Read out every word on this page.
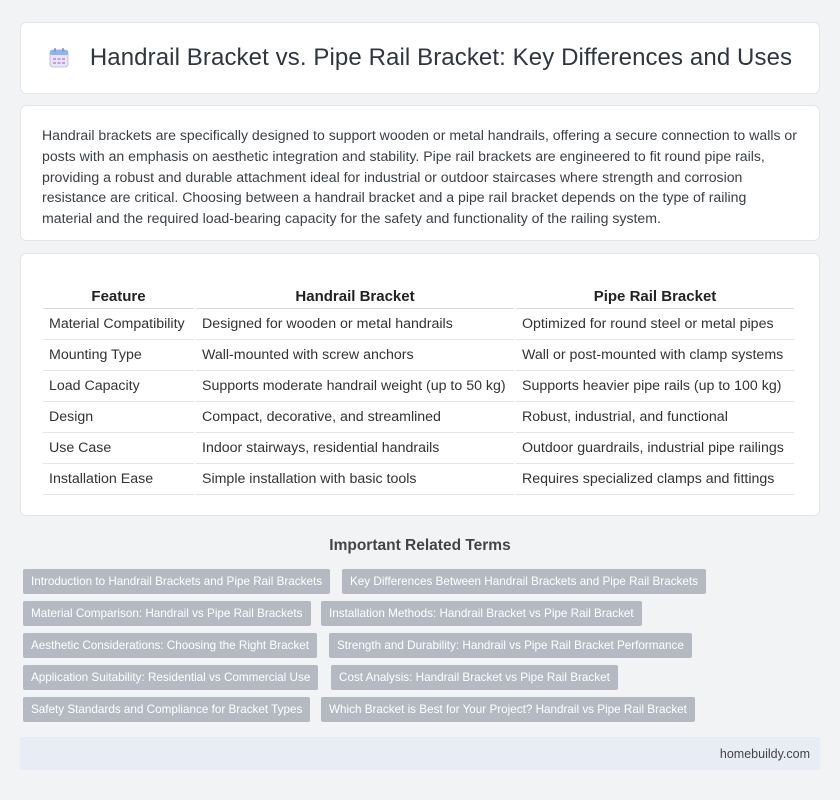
Handrail Bracket vs. Pipe Rail Bracket: Key Differences and Uses

Handrail brackets are specifically designed to support wooden or metal handrails, offering a secure connection to walls or posts with an emphasis on aesthetic integration and stability. Pipe rail brackets are engineered to fit round pipe rails, providing a robust and durable attachment ideal for industrial or outdoor staircases where strength and corrosion resistance are critical. Choosing between a handrail bracket and a pipe rail bracket depends on the type of railing material and the required load-bearing capacity for the safety and functionality of the railing system.

Feature	Handrail Bracket	Pipe Rail Bracket
Material Compatibility	Designed for wooden or metal handrails	Optimized for round steel or metal pipes
Mounting Type	Wall-mounted with screw anchors	Wall or post-mounted with clamp systems
Load Capacity	Supports moderate handrail weight (up to 50 kg)	Supports heavier pipe rails (up to 100 kg)
Design	Compact, decorative, and streamlined	Robust, industrial, and functional
Use Case	Indoor stairways, residential handrails	Outdoor guardrails, industrial pipe railings
Installation Ease	Simple installation with basic tools	Requires specialized clamps and fittings
Important Related Terms
Introduction to Handrail Brackets and Pipe Rail Brackets	Key Differences Between Handrail Brackets and Pipe Rail Brackets
Material Comparison: Handrail vs Pipe Rail Brackets	Installation Methods: Handrail Bracket vs Pipe Rail Bracket
Aesthetic Considerations: Choosing the Right Bracket	Strength and Durability: Handrail vs Pipe Rail Bracket Performance
Application Suitability: Residential vs Commercial Use	Cost Analysis: Handrail Bracket vs Pipe Rail Bracket
Safety Standards and Compliance for Bracket Types	Which Bracket is Best for Your Project? Handrail vs Pipe Rail Bracket
homebuildy.com
